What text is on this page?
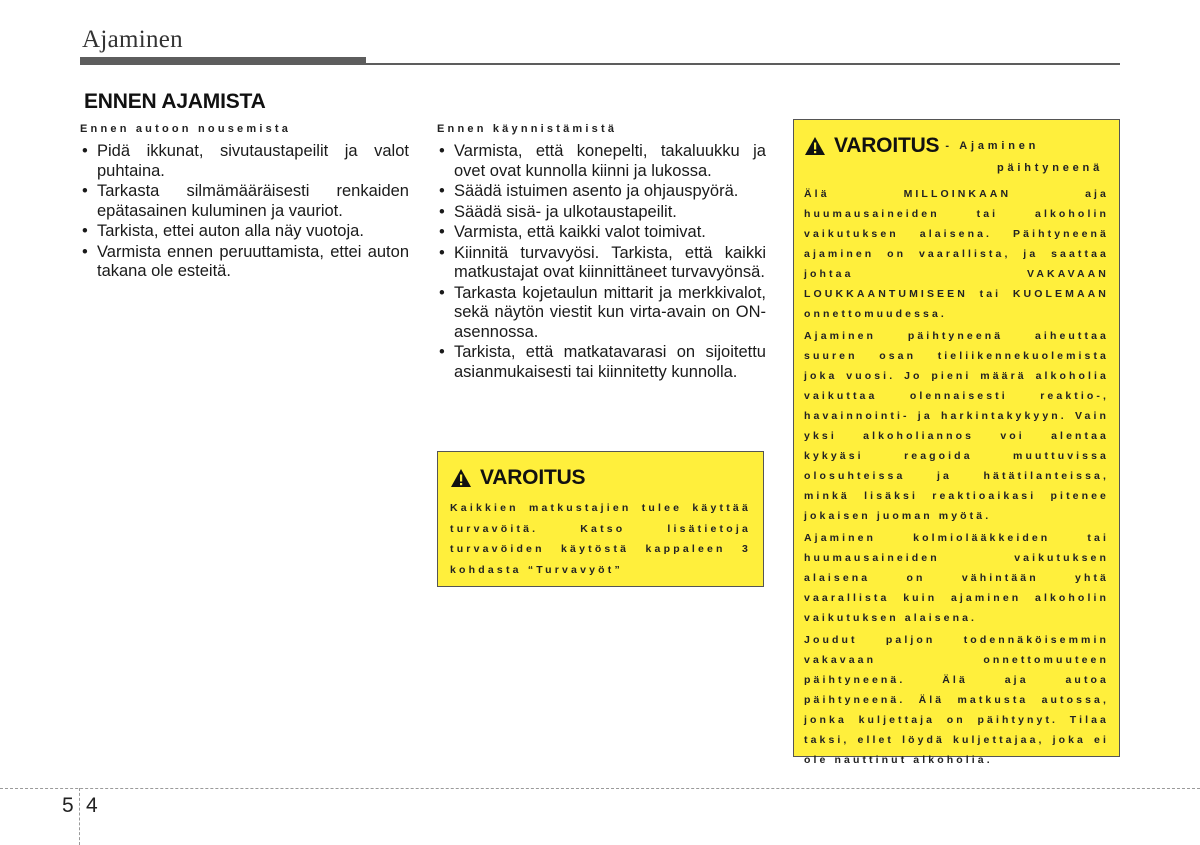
Ajaminen
ENNEN AJAMISTA
Ennen autoon nousemista
• Pidä ikkunat, sivutaustapeilit ja valot puhtaina.
• Tarkasta silmämääräisesti renkaiden epätasainen kuluminen ja vauriot.
• Tarkista, ettei auton alla näy vuotoja.
• Varmista ennen peruuttamista, ettei auton takana ole esteitä.
Ennen käynnistämistä
• Varmista, että konepelti, takaluukku ja ovet ovat kunnolla kiinni ja lukossa.
• Säädä istuimen asento ja ohjauspyörä.
• Säädä sisä- ja ulkotaustapeilit.
• Varmista, että kaikki valot toimivat.
• Kiinnitä turvavyösi. Tarkista, että kaikki matkustajat ovat kiinnittäneet turvavyönsä.
• Tarkasta kojetaulun mittarit ja merkkivalot, sekä näytön viestit kun virta-avain on ON-asennossa.
• Tarkista, että matkatavarasi on sijoitettu asianmukaisesti tai kiinnitetty kunnolla.
VAROITUS

Kaikkien matkustajien tulee käyttää turvavöitä. Katso lisätietoja turvavöiden käytöstä kappaleen 3 kohdasta “Turvavyöt”

VAROITUS - Ajaminen
päihtyneenä

Älä MILLOINKAAN aja huumausaineiden tai alkoholin vaikutuksen alaisena. Päihtyneenä ajaminen on vaarallista, ja saattaa johtaa VAKAVAAN LOUKKAANTUMISEEN tai KUOLEMAAN onnettomuudessa.

Ajaminen päihtyneenä aiheuttaa suuren osan tieliikennekuolemista joka vuosi. Jo pieni määrä alkoholia vaikuttaa olennaisesti reaktio-, havainnointi- ja harkintakykyyn. Vain yksi alkoholiannos voi alentaa kykyäsi reagoida muuttuvissa olosuhteissa ja hätätilanteissa, minkä lisäksi reaktioaikasi pitenee jokaisen juoman myötä.

Ajaminen kolmiolääkkeiden tai huumausaineiden vaikutuksen alaisena on vähintään yhtä vaarallista kuin ajaminen alkoholin vaikutuksen alaisena.

Joudut paljon todennäköisemmin vakavaan onnettomuuteen päihtyneenä. Älä aja autoa päihtyneenä. Älä matkusta autossa, jonka kuljettaja on päihtynyt. Tilaa taksi, ellet löydä kuljettajaa, joka ei ole nauttinut alkoholia.

5 4
